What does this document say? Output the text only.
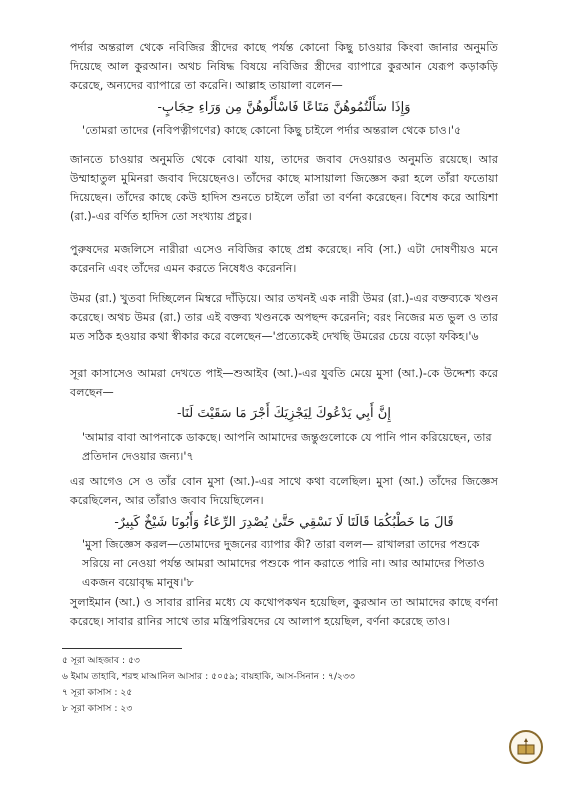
পর্দার অন্তরাল থেকে নবিজির স্ত্রীদের কাছে পর্যন্ত কোনো কিছু চাওয়ার কিংবা জানার অনুমতি দিয়েছে আল কুরআন। অথচ নিষিদ্ধ বিষয়ে নবিজির স্ত্রীদের ব্যাপারে কুরআন যেরূপ কড়াকড়ি করেছে, অন্যদের ব্যাপারে তা করেনি। আল্লাহ তায়ালা বলেন—
وَإِذَا سَأَلْتُمُوهُنَّ مَتَاعًا فَاسْأَلُوهُنَّ مِن وَرَاءِ حِجَابٍ-
'তোমরা তাদের (নবিপত্নীগণের) কাছে কোনো কিছু চাইলে পর্দার অন্তরাল থেকে চাও।'৫
জানতে চাওয়ার অনুমতি থেকে বোঝা যায়, তাদের জবাব দেওয়ারও অনুমতি রয়েছে। আর উম্মাহাতুল মুমিনরা জবাব দিয়েছেনও। তাঁদের কাছে মাসায়ালা জিজ্ঞেস করা হলে তাঁরা ফতোয়া দিয়েছেন। তাঁদের কাছে কেউ হাদিস শুনতে চাইলে তাঁরা তা বর্ণনা করেছেন। বিশেষ করে আয়িশা (রা.)-এর বর্ণিত হাদিস তো সংখ্যায় প্রচুর।
পুরুষদের মজলিসে নারীরা এসেও নবিজির কাছে প্রশ্ন করেছে। নবি (সা.) এটা দোষণীয়ও মনে করেননি এবং তাঁদের এমন করতে নিষেধও করেননি।
উমর (রা.) খুতবা দিচ্ছিলেন মিম্বরে দাঁড়িয়ে। আর তখনই এক নারী উমর (রা.)-এর বক্তব্যকে খণ্ডন করেছে। অথচ উমর (রা.) তার এই বক্তব্য খণ্ডনকে অপছন্দ করেননি; বরং নিজের মত ভুল ও তার মত সঠিক হওয়ার কথা স্বীকার করে বলেছেন—'প্রত্যেকেই দেখছি উমরের চেয়ে বড়ো ফকিহ।'৬
সূরা কাসাসেও আমরা দেখতে পাই—শুআইব (আ.)-এর যুবতি মেয়ে মুসা (আ.)-কে উদ্দেশ্য করে বলছেন—
إِنَّ أَبِي يَدْعُوكَ لِيَجْزِيَكَ أَجْرَ مَا سَقَيْتَ لَنَا-
'আমার বাবা আপনাকে ডাকছে। আপনি আমাদের জন্তুগুলোকে যে পানি পান করিয়েছেন, তার প্রতিদান দেওয়ার জন্য।'৭
এর আগেও সে ও তাঁর বোন মুসা (আ.)-এর সাথে কথা বলেছিল। মুসা (আ.) তাঁদের জিজ্ঞেস করেছিলেন, আর তাঁরাও জবাব দিয়েছিলেন।
قَالَ مَا خَطْبُكُمَا قَالَتَا لَا نَسْقِي حَتَّىٰ يُصْدِرَ الرِّعَاءُ وَأَبُونَا شَيْخٌ كَبِيرٌ-
'মুসা জিজ্ঞেস করল—তোমাদের দুজনের ব্যাপার কী? তারা বলল— রাখালরা তাদের পশুকে সরিয়ে না নেওয়া পর্যন্ত আমরা আমাদের পশুকে পান করাতে পারি না। আর আমাদের পিতাও একজন বয়োবৃদ্ধ মানুষ।'৮
সুলাইমান (আ.) ও সাবার রানির মধ্যে যে কথোপকথন হয়েছিল, কুরআন তা আমাদের কাছে বর্ণনা করেছে। সাবার রানির সাথে তার মন্ত্রিপরিষদের যে আলাপ হয়েছিল, বর্ণনা করেছে তাও।
৫ সূরা আহজাব : ৫৩
৬ ইমাম তাহাবি, শরহু মাআনিল আসার : ৫০৫৯; বায়হাকি, আস-সিনান : ৭/২৩৩
৭ সূরা কাসাস : ২৫
৮ সূরা কাসাস : ২৩
